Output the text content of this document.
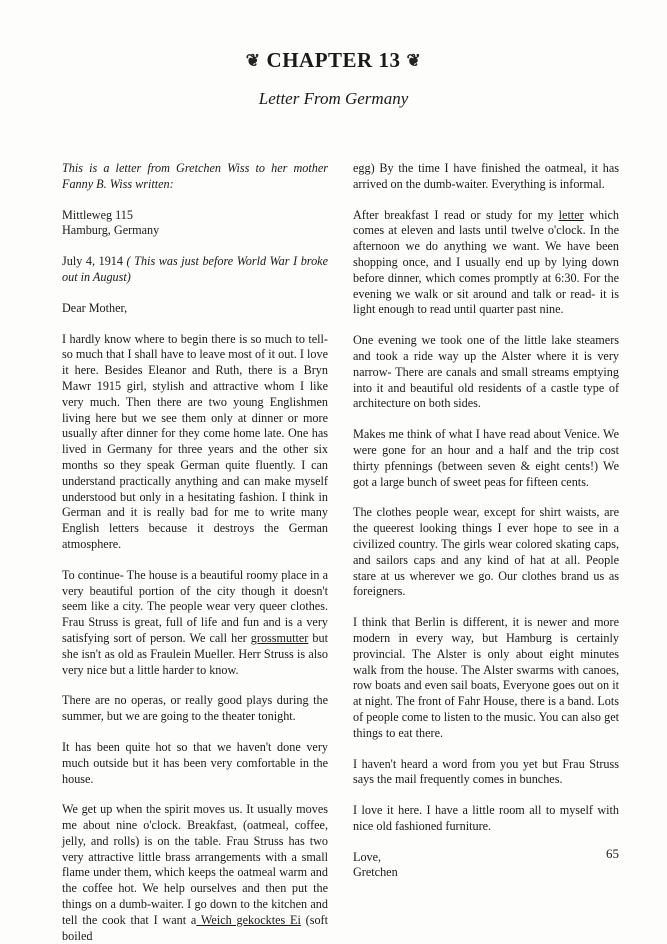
❦ CHAPTER 13 ❦
Letter From Germany

This is a letter from Gretchen Wiss to her mother Fanny B. Wiss written:

Mittleweg 115

Hamburg, Germany

July 4, 1914 ( This was just before World War I broke out in August)

Dear Mother,

I hardly know where to begin there is so much to tell-so much that I shall have to leave most of it out. I love it here. Besides Eleanor and Ruth, there is a Bryn Mawr 1915 girl, stylish and attractive whom I like very much. Then there are two young Englishmen living here but we see them only at dinner or more usually after dinner for they come home late. One has lived in Germany for three years and the other six months so they speak German quite fluently. I can understand practically anything and can make myself understood but only in a hesitating fashion. I think in German and it is really bad for me to write many English letters because it destroys the German atmosphere.

To continue- The house is a beautiful roomy place in a very beautiful portion of the city though it doesn't seem like a city. The people wear very queer clothes. Frau Struss is great, full of life and fun and is a very satisfying sort of person. We call her grossmutter but she isn't as old as Fraulein Mueller. Herr Struss is also very nice but a little harder to know.

There are no operas, or really good plays during the summer, but we are going to the theater tonight.

It has been quite hot so that we haven't done very much outside but it has been very comfortable in the house.

We get up when the spirit moves us. It usually moves me about nine o'clock. Breakfast, (oatmeal, coffee, jelly, and rolls) is on the table. Frau Struss has two very attractive little brass arrangements with a small flame under them, which keeps the oatmeal warm and the coffee hot. We help ourselves and then put the things on a dumb-waiter. I go down to the kitchen and tell the cook that I want a Weich gekocktes Ei (soft boiled

egg) By the time I have finished the oatmeal, it has arrived on the dumb-waiter. Everything is informal.

After breakfast I read or study for my letter which comes at eleven and lasts until twelve o'clock. In the afternoon we do anything we want. We have been shopping once, and I usually end up by lying down before dinner, which comes promptly at 6:30. For the evening we walk or sit around and talk or read- it is light enough to read until quarter past nine.

One evening we took one of the little lake steamers and took a ride way up the Alster where it is very narrow- There are canals and small streams emptying into it and beautiful old residents of a castle type of architecture on both sides.

Makes me think of what I have read about Venice. We were gone for an hour and a half and the trip cost thirty pfennings (between seven & eight cents!) We got a large bunch of sweet peas for fifteen cents.

The clothes people wear, except for shirt waists, are the queerest looking things I ever hope to see in a civilized country. The girls wear colored skating caps, and sailors caps and any kind of hat at all. People stare at us wherever we go. Our clothes brand us as foreigners.

I think that Berlin is different, it is newer and more modern in every way, but Hamburg is certainly provincial. The Alster is only about eight minutes walk from the house. The Alster swarms with canoes, row boats and even sail boats, Everyone goes out on it at night. The front of Fahr House, there is a band. Lots of people come to listen to the music. You can also get things to eat there.

I haven't heard a word from you yet but Frau Struss says the mail frequently comes in bunches.

I love it here. I have a little room all to myself with nice old fashioned furniture.

Love,

Gretchen

65
